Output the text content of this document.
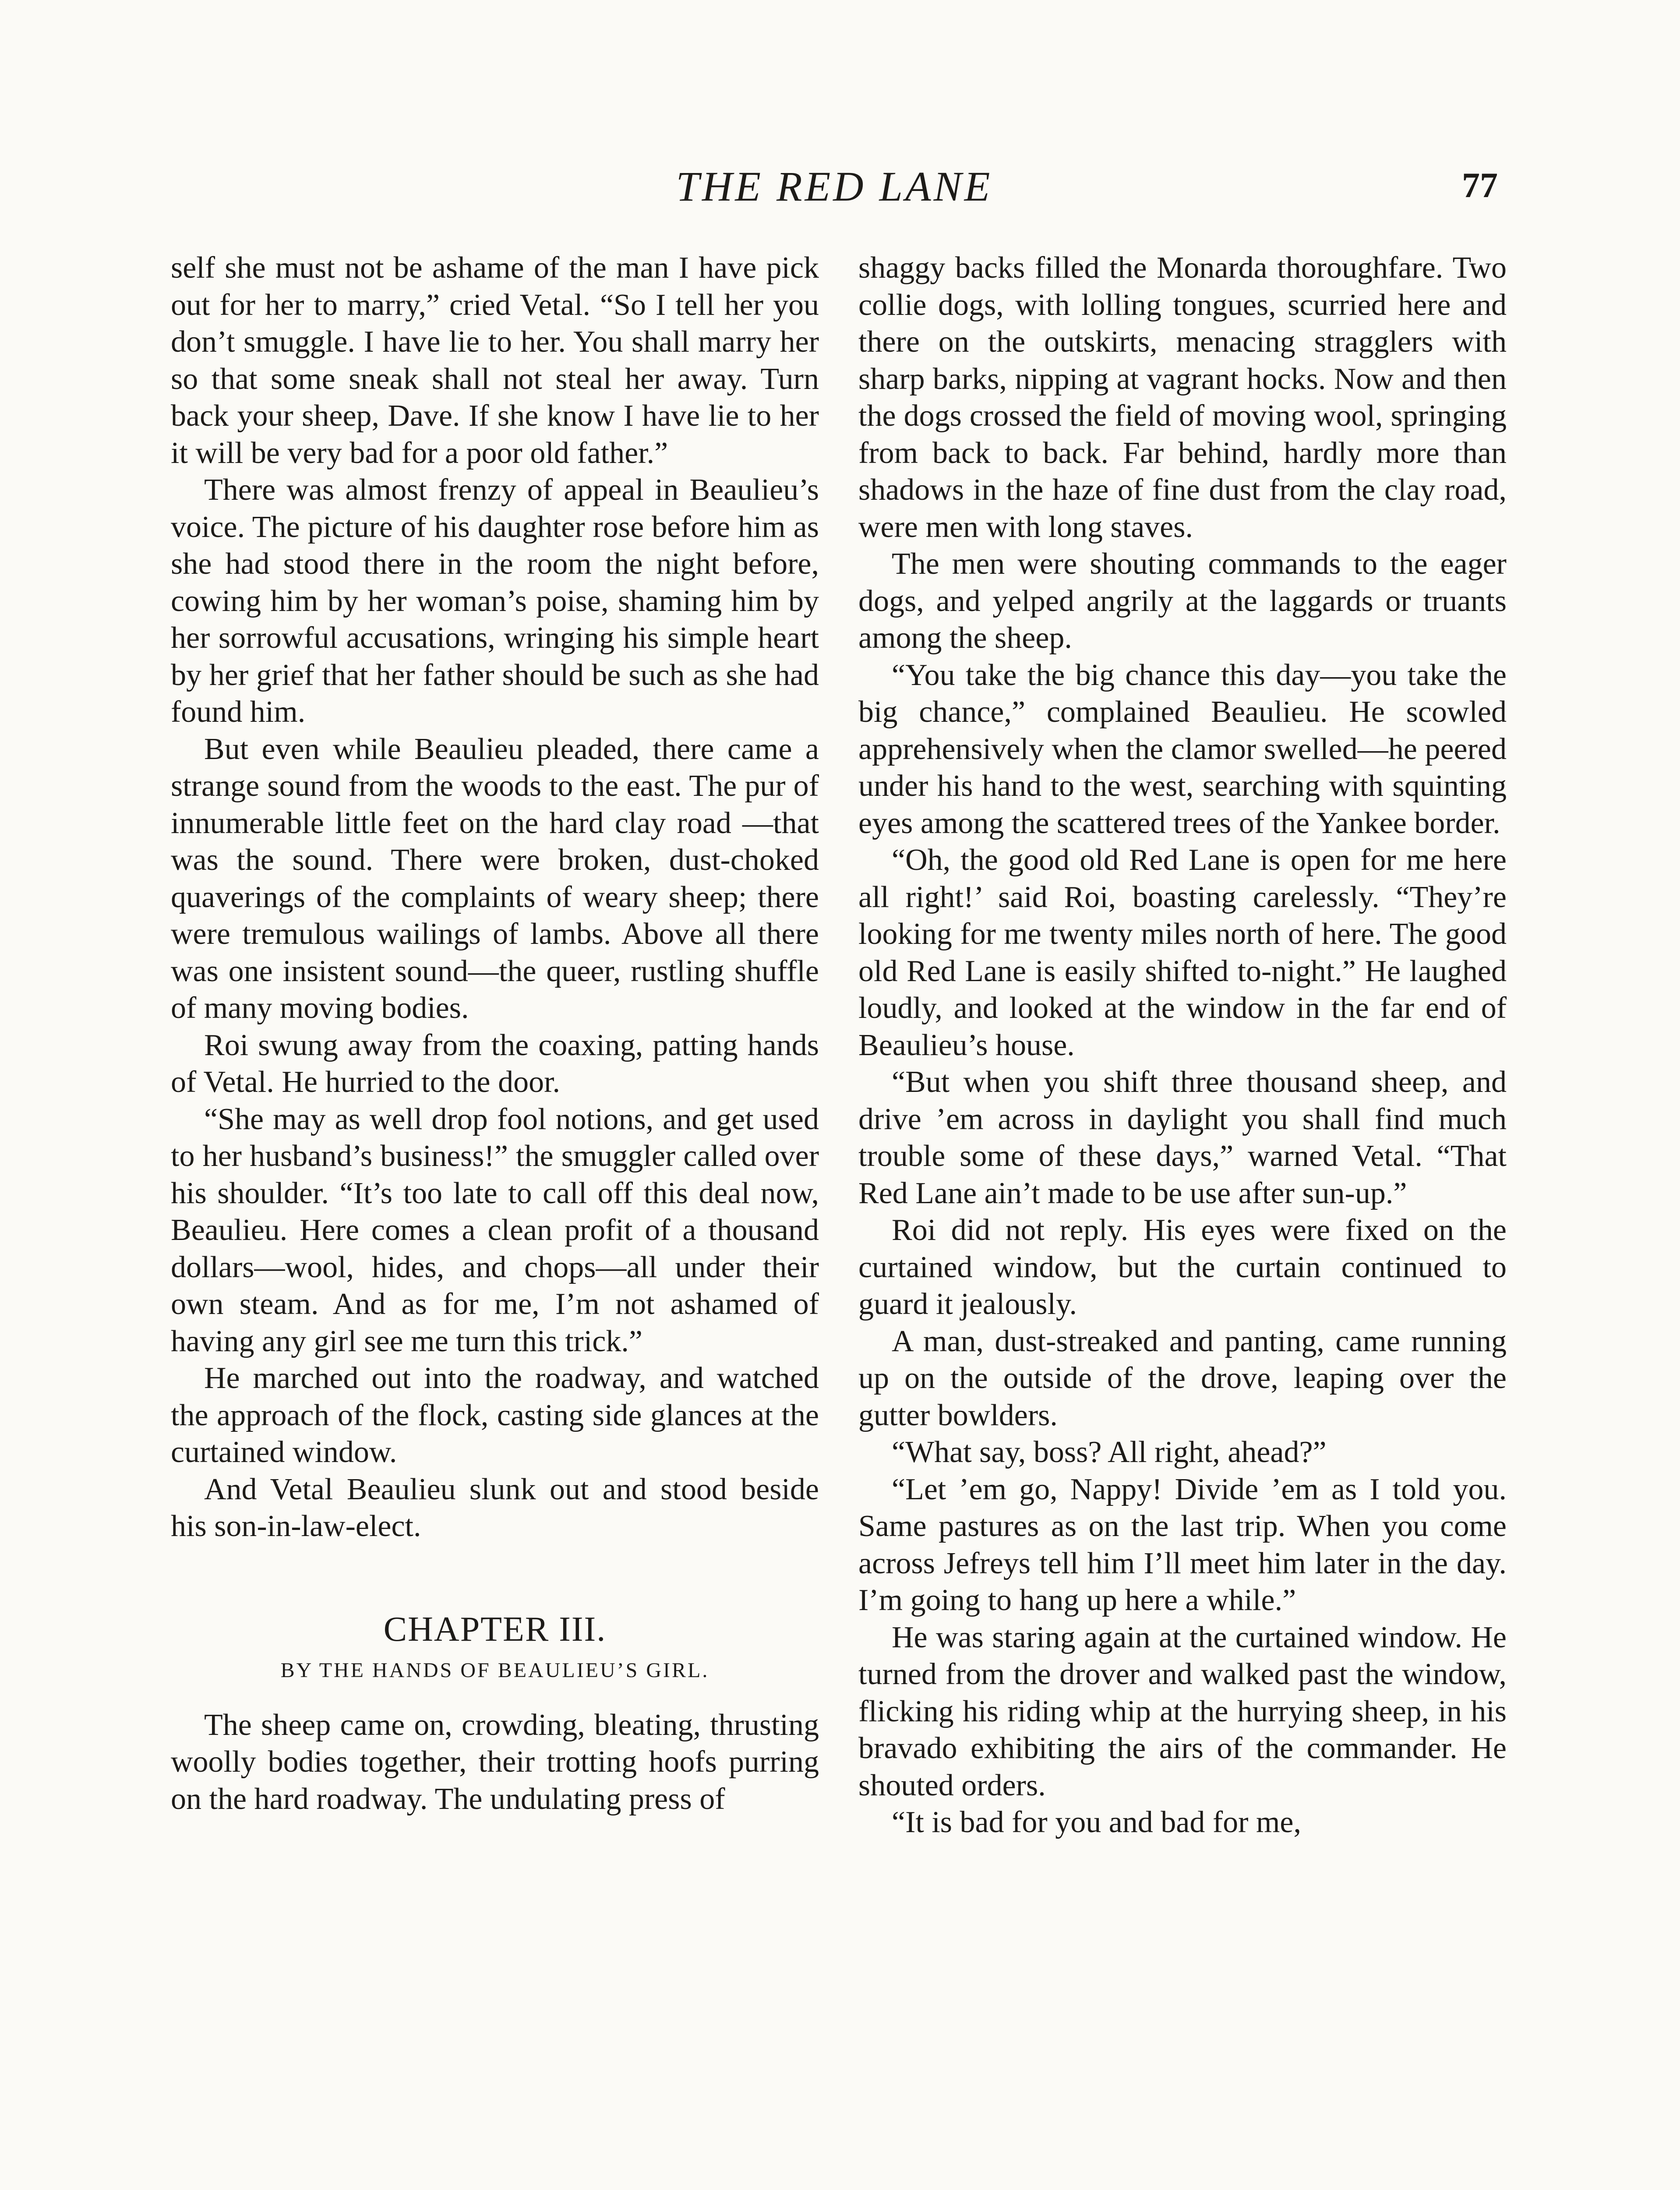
THE RED LANE	77

self she must not be ashame of the man I have pick out for her to marry,” cried Vetal. “So I tell her you don’t smuggle. I have lie to her. You shall marry her so that some sneak shall not steal her away. Turn back your sheep, Dave. If she know I have lie to her it will be very bad for a poor old father.”

There was almost frenzy of appeal in Beaulieu’s voice. The picture of his daughter rose before him as she had stood there in the room the night before, cowing him by her woman’s poise, shaming him by her sorrowful accusations, wringing his simple heart by her grief that her father should be such as she had found him.

But even while Beaulieu pleaded, there came a strange sound from the woods to the east. The pur of innumerable little feet on the hard clay road —that was the sound. There were broken, dust-choked quaverings of the complaints of weary sheep; there were tremulous wailings of lambs. Above all there was one insistent sound—the queer, rustling shuffle of many moving bodies.

Roi swung away from the coaxing, patting hands of Vetal. He hurried to the door.

“She may as well drop fool notions, and get used to her husband’s business!” the smuggler called over his shoulder. “It’s too late to call off this deal now, Beaulieu. Here comes a clean profit of a thousand dollars—wool, hides, and chops—all under their own steam. And as for me, I’m not ashamed of having any girl see me turn this trick.”

He marched out into the roadway, and watched the approach of the flock, casting side glances at the curtained window.

And Vetal Beaulieu slunk out and stood beside his son-in-law-elect.

CHAPTER III.
BY THE HANDS OF BEAULIEU’S GIRL.

The sheep came on, crowding, bleating, thrusting woolly bodies together, their trotting hoofs purring on the hard roadway. The undulating press of

shaggy backs filled the Monarda thoroughfare. Two collie dogs, with lolling tongues, scurried here and there on the outskirts, menacing stragglers with sharp barks, nipping at vagrant hocks. Now and then the dogs crossed the field of moving wool, springing from back to back. Far behind, hardly more than shadows in the haze of fine dust from the clay road, were men with long staves.

The men were shouting commands to the eager dogs, and yelped angrily at the laggards or truants among the sheep.

“You take the big chance this day—you take the big chance,” complained Beaulieu. He scowled apprehensively when the clamor swelled—he peered under his hand to the west, searching with squinting eyes among the scattered trees of the Yankee border.

“Oh, the good old Red Lane is open for me here all right!’ said Roi, boasting carelessly. “They’re looking for me twenty miles north of here. The good old Red Lane is easily shifted to-night.” He laughed loudly, and looked at the window in the far end of Beaulieu’s house.

“But when you shift three thousand sheep, and drive ’em across in daylight you shall find much trouble some of these days,” warned Vetal. “That Red Lane ain’t made to be use after sun-up.”

Roi did not reply. His eyes were fixed on the curtained window, but the curtain continued to guard it jealously.

A man, dust-streaked and panting, came running up on the outside of the drove, leaping over the gutter bowlders.

“What say, boss? All right, ahead?”

“Let ’em go, Nappy! Divide ’em as I told you. Same pastures as on the last trip. When you come across Jefreys tell him I’ll meet him later in the day. I’m going to hang up here a while.”

He was staring again at the curtained window. He turned from the drover and walked past the window, flicking his riding whip at the hurrying sheep, in his bravado exhibiting the airs of the commander. He shouted orders.

“It is bad for you and bad for me,
